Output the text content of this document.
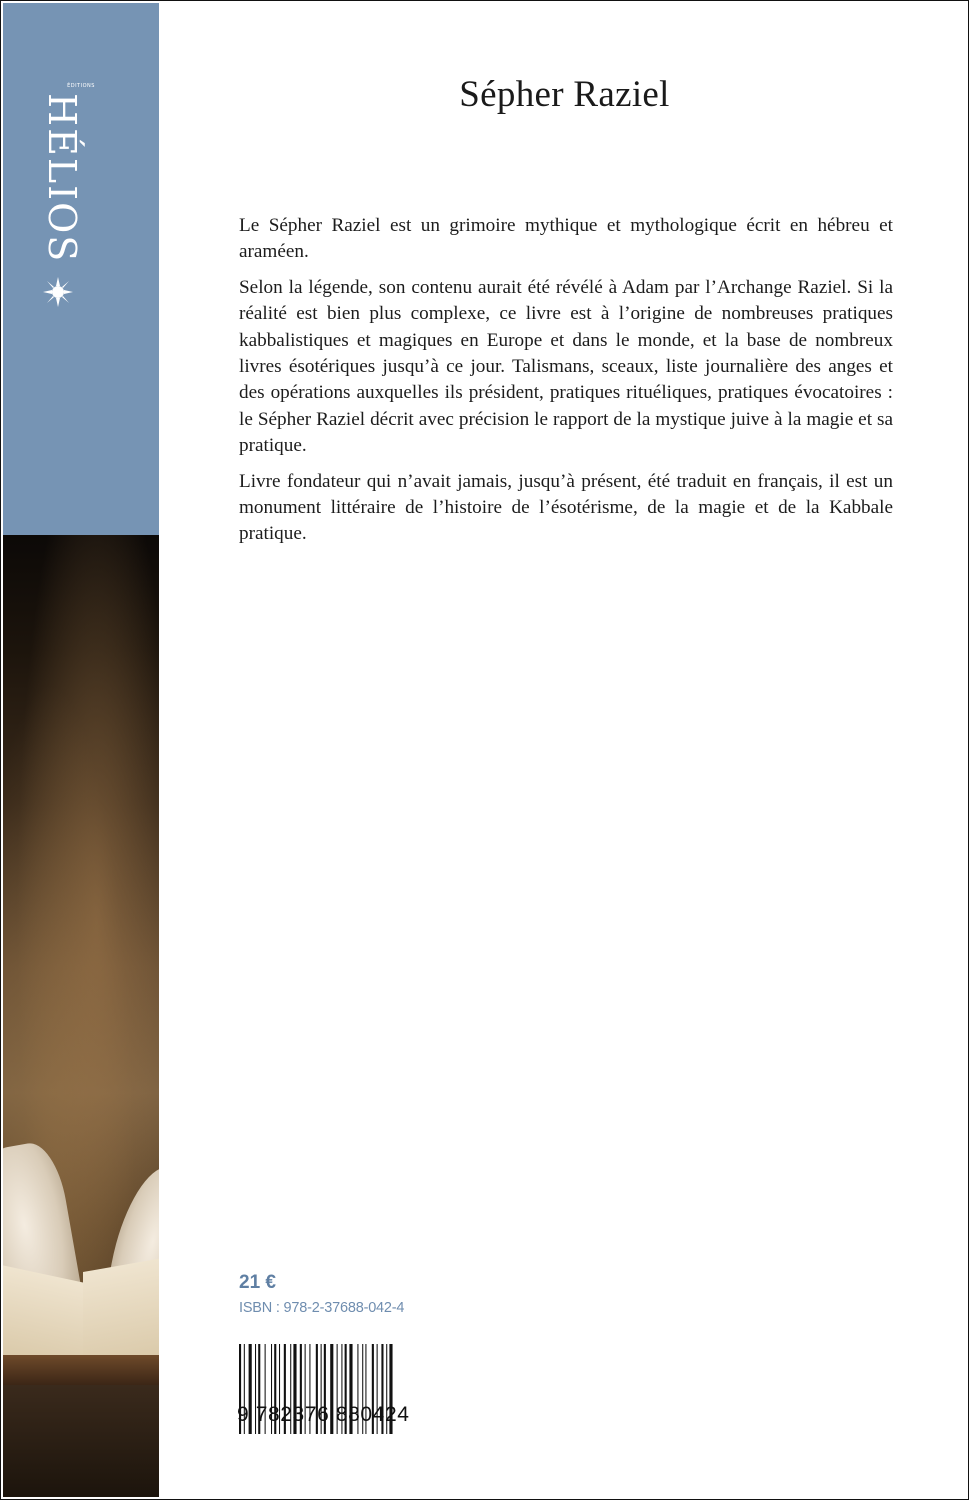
ÉDITIONS
HÉLIOS	Sépher Raziel

Le Sépher Raziel est un grimoire mythique et mythologique écrit en hébreu et araméen.

Selon la légende, son contenu aurait été révélé à Adam par l’Archange Raziel. Si la réalité est bien plus complexe, ce livre est à l’origine de nombreuses pratiques kabbalistiques et magiques en Europe et dans le monde, et la base de nombreux livres ésotériques jusqu’à ce jour. Talismans, sceaux, liste journalière des anges et des opérations auxquelles ils président, pratiques rituéliques, pratiques évocatoires : le Sépher Raziel décrit avec précision le rapport de la mystique juive à la magie et sa pratique.

Livre fondateur qui n’avait jamais, jusqu’à présent, été traduit en français, il est un monument littéraire de l’histoire de l’ésotérisme, de la magie et de la Kabbale pratique.

21 €
ISBN : 978-2-37688-042-4
9 782376 880424
